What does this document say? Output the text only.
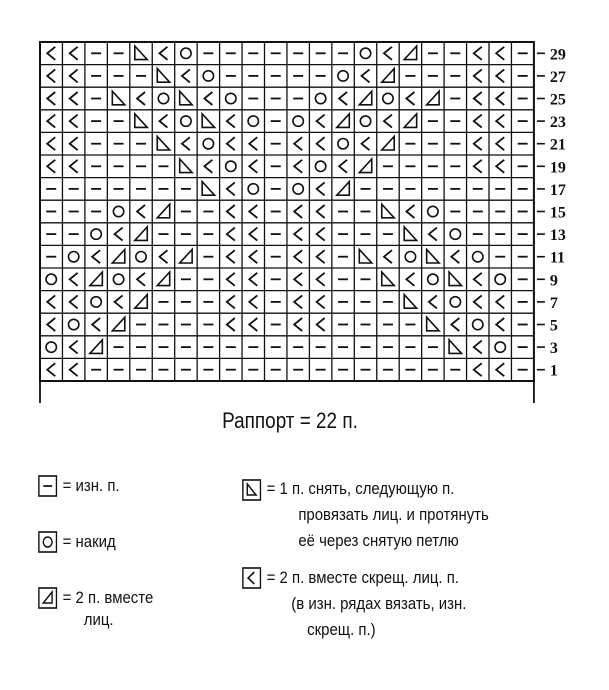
29
27
25
23
21
19
17
15
13
11
9
7
5
3
1
Раппорт = 22 п.
= изн. п.	= 1 п. снять, следующую п.
провязать лиц. и протянуть
её через снятую петлю
= накид
= 2 п. вместе
лиц.
= 2 п. вместе скрещ. лиц. п.
(в изн. рядах вязать, изн.
скрещ. п.)
